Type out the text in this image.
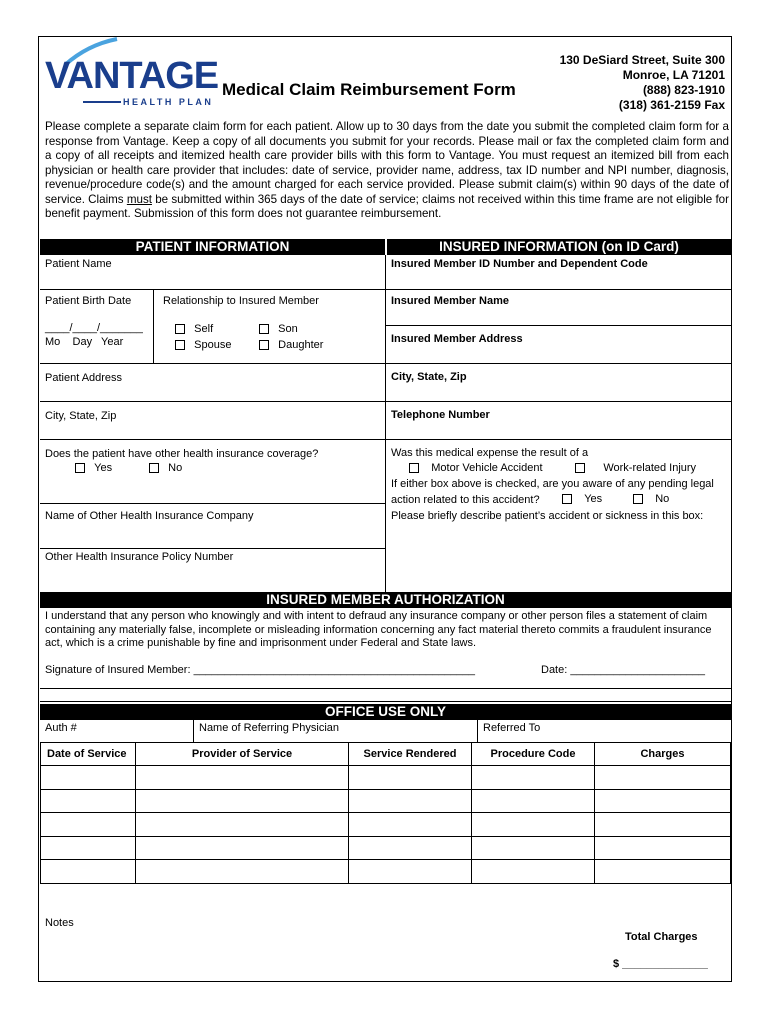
VANTAGE
HEALTH PLAN
Medical Claim Reimbursement Form
130 DeSiard Street, Suite 300
Monroe, LA 71201
(888) 823-1910
(318) 361-2159 Fax
Please complete a separate claim form for each patient. Allow up to 30 days from the date you submit the completed claim form for a response from Vantage. Keep a copy of all documents you submit for your records. Please mail or fax the completed claim form and a copy of all receipts and itemized health care provider bills with this form to Vantage. You must request an itemized bill from each physician or health care provider that includes: date of service, provider name, address, tax ID number and NPI number, diagnosis, revenue/procedure code(s) and the amount charged for each service provided. Please submit claim(s) within 90 days of the date of service. Claims must be submitted within 365 days of the date of service; claims not received within this time frame are not eligible for benefit payment. Submission of this form does not guarantee reimbursement.
PATIENT INFORMATION	INSURED INFORMATION (on ID Card)
Patient Name
Patient Birth Date	Relationship to Insured Member
____/____/_______
Mo    Day   Year
Self	Son
Spouse	Daughter
Patient Address
City, State, Zip
Does the patient have other health insurance coverage?
Yes	No
Name of Other Health Insurance Company
Other Health Insurance Policy Number
Insured Member ID Number and Dependent Code
Insured Member Name
Insured Member Address
City, State, Zip
Telephone Number
Was this medical expense the result of a
Motor Vehicle Accident	Work-related Injury
If either box above is checked, are you aware of any pending legal
action related to this accident?	Yes	No
Please briefly describe patient’s accident or sickness in this box:
INSURED MEMBER AUTHORIZATION
I understand that any person who knowingly and with intent to defraud any insurance company or other person files a statement of claim containing any materially false, incomplete or misleading information concerning any fact material thereto commits a fraudulent insurance act, which is a crime punishable by fine and imprisonment under Federal and State laws.
Signature of Insured Member: ______________________________________________	Date: ______________________
OFFICE USE ONLY
Auth #	Name of Referring Physician	Referred To
Date of Service	Provider of Service	Service Rendered	Procedure Code	Charges

Notes
Total Charges
$ ______________
